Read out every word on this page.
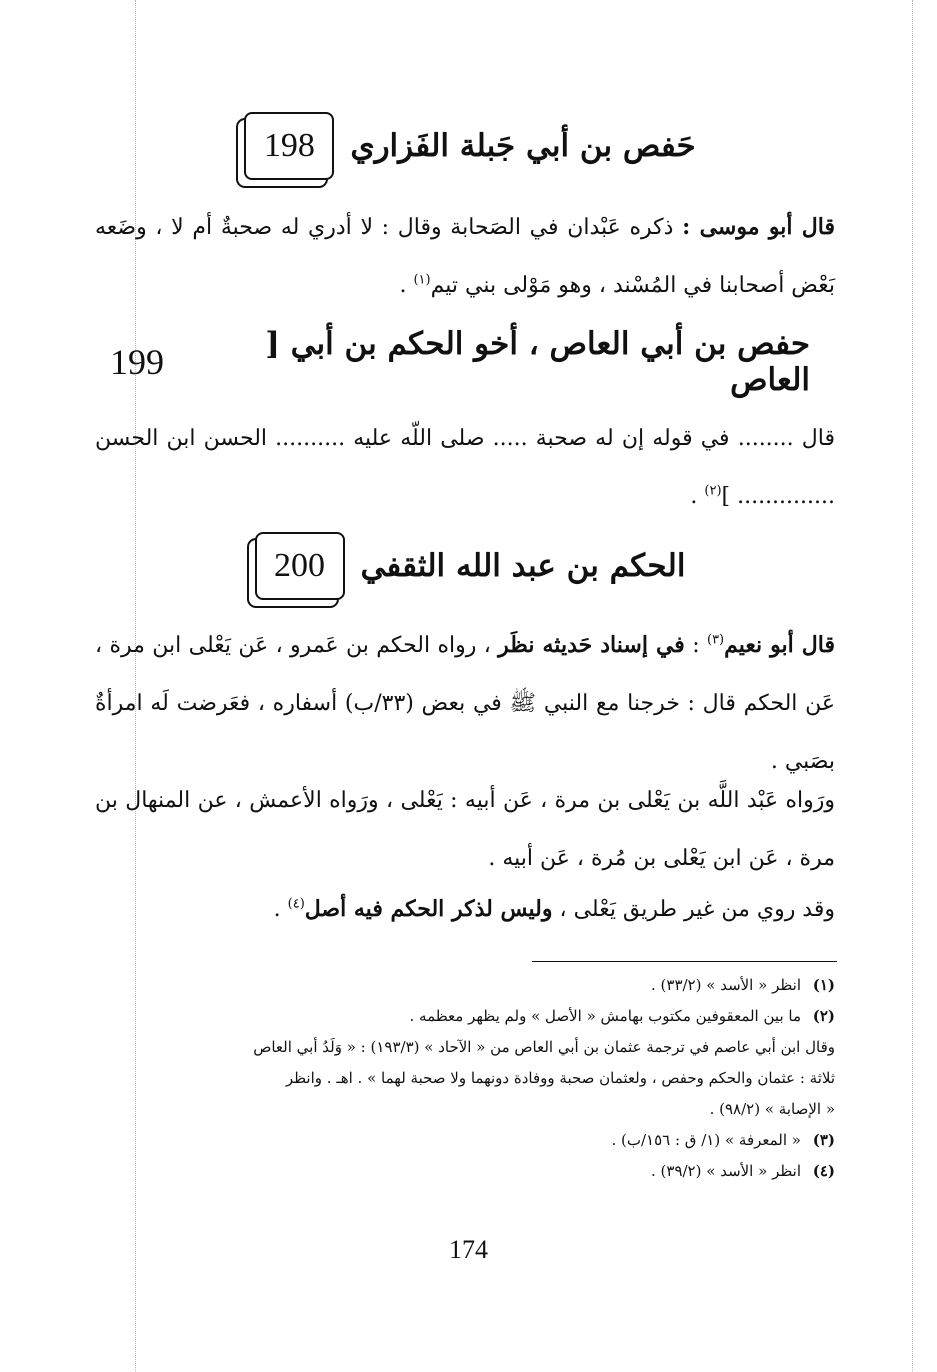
198 حَفص بن أبي جَبلة الفَزاري
قال أبو موسى : ذكره عَبْدان في الصَحابة وقال : لا أدري له صحبةٌ أم لا ، وضَعه بَعْض أصحابنا في المُسْند ، وهو مَوْلى بني تيم$^{(١)}$ .
199	حفص بن أبي العاص ، أخو الحكم بن أبي [ العاص
قال ........ في قوله إن له صحبة ..... صلى اللّه عليه .......... الحسن ابن الحسن .............. ]$^{(٢)}$ .
200 الحكم بن عبد الله الثقفي
قال أبو نعيم$^{(٣)}$ : في إسناد حَديثه نظَر ، رواه الحكم بن عَمرو ، عَن يَعْلى ابن مرة ، عَن الحكم قال : خرجنا مع النبي ﷺ في بعض (٣٣/ب) أسفاره ، فعَرضت لَه امرأةٌ بصَبي .
ورَواه عَبْد اللَّه بن يَعْلى بن مرة ، عَن أبيه : يَعْلى ، ورَواه الأعمش ، عن المنهال بن مرة ، عَن ابن يَعْلى بن مُرة ، عَن أبيه .
وقد روي من غير طريق يَعْلى ، وليس لذكر الحكم فيه أصل$^{(٤)}$ .
(١)
انظر « الأسد » (٣٣/٢) .
(٢)
ما بين المعقوفين مكتوب بهامش « الأصل » ولم يظهر معظمه .
وقال ابن أبي عاصم في ترجمة عثمان بن أبي العاص من « الآحاد » (١٩٣/٣) : « وَلَدُ أبي العاص
ثلاثة : عثمان والحكم وحفص ، ولعثمان صحبة ووفادة دونهما ولا صحبة لهما » . اهـ . وانظر
« الإصابة » (٩٨/٢) .
(٣)
« المعرفة » (١/ ق : ١٥٦/ب) .
(٤)
انظر « الأسد » (٣٩/٢) .
174
